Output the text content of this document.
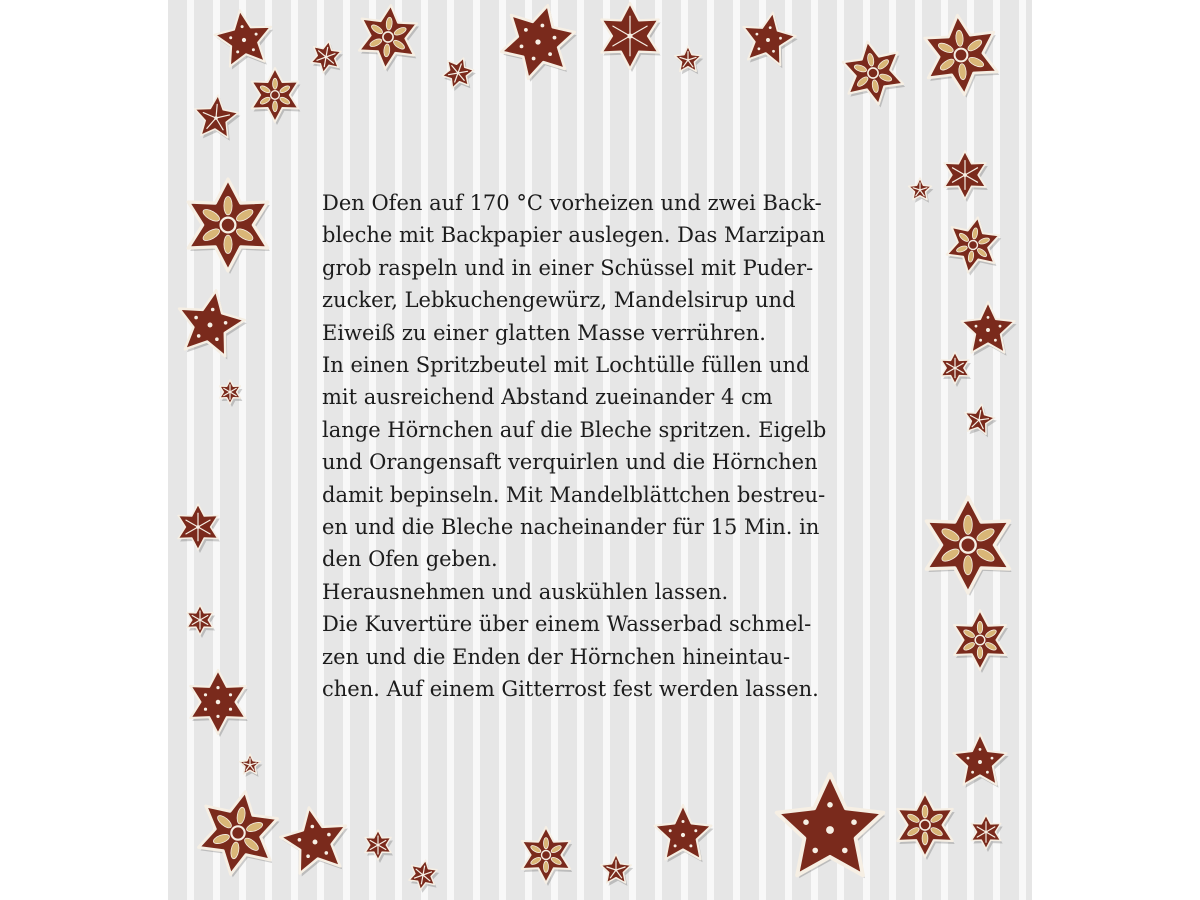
Den Ofen auf 170 °C vorheizen und zwei Back-
bleche mit Backpapier auslegen. Das Marzipan
grob raspeln und in einer Schüssel mit Puder-
zucker, Lebkuchengewürz, Mandelsirup und
Eiweiß zu einer glatten Masse verrühren.
In einen Spritzbeutel mit Lochtülle füllen und
mit ausreichend Abstand zueinander 4 cm
lange Hörnchen auf die Bleche spritzen. Eigelb
und Orangensaft verquirlen und die Hörnchen
damit bepinseln. Mit Mandelblättchen bestreu-
en und die Bleche nacheinander für 15 Min. in
den Ofen geben.
Herausnehmen und auskühlen lassen.
Die Kuvertüre über einem Wasserbad schmel-
zen und die Enden der Hörnchen hineintau-
chen. Auf einem Gitterrost fest werden lassen.
